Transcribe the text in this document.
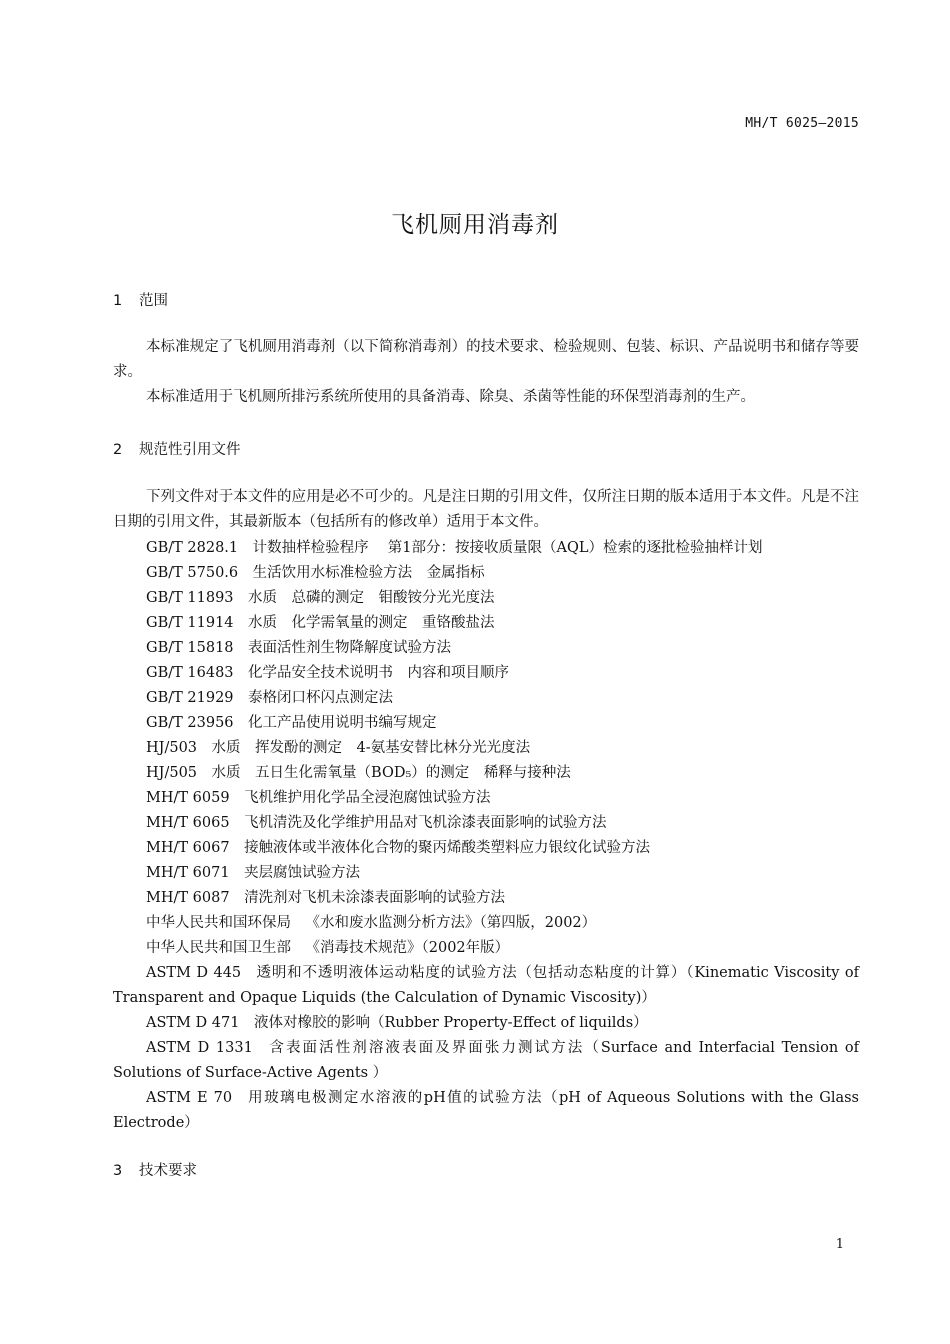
MH/T 6025—2015
飞机厕用消毒剂
1 范围
本标准规定了飞机厕用消毒剂（以下简称消毒剂）的技术要求、检验规则、包装、标识、产品说明书和储存等要求。
本标准适用于飞机厕所排污系统所使用的具备消毒、除臭、杀菌等性能的环保型消毒剂的生产。
2 规范性引用文件
下列文件对于本文件的应用是必不可少的。凡是注日期的引用文件，仅所注日期的版本适用于本文件。凡是不注日期的引用文件，其最新版本（包括所有的修改单）适用于本文件。
GB/T 2828.1  计数抽样检验程序　 第1部分：按接收质量限（AQL）检索的逐批检验抽样计划
GB/T 5750.6  生活饮用水标准检验方法　金属指标
GB/T 11893  水质　总磷的测定　钼酸铵分光光度法
GB/T 11914  水质　化学需氧量的测定　重铬酸盐法
GB/T 15818  表面活性剂生物降解度试验方法
GB/T 16483  化学品安全技术说明书　内容和项目顺序
GB/T 21929  泰格闭口杯闪点测定法
GB/T 23956  化工产品使用说明书编写规定
HJ/503  水质　挥发酚的测定　4-氨基安替比林分光光度法
HJ/505  水质　五日生化需氧量（BOD₅）的测定　稀释与接种法
MH/T 6059  飞机维护用化学品全浸泡腐蚀试验方法
MH/T 6065  飞机清洗及化学维护用品对飞机涂漆表面影响的试验方法
MH/T 6067  接触液体或半液体化合物的聚丙烯酸类塑料应力银纹化试验方法
MH/T 6071  夹层腐蚀试验方法
MH/T 6087  清洗剂对飞机未涂漆表面影响的试验方法
中华人民共和国环保局  《水和废水监测分析方法》（第四版，2002）
中华人民共和国卫生部  《消毒技术规范》（2002年版）
ASTM D 445  透明和不透明液体运动粘度的试验方法（包括动态粘度的计算）（Kinematic Viscosity of Transparent and Opaque Liquids (the Calculation of Dynamic Viscosity)）
ASTM D 471  液体对橡胶的影响（Rubber Property-Effect of liquilds）
ASTM D 1331  含表面活性剂溶液表面及界面张力测试方法（Surface and Interfacial Tension of Solutions of Surface-Active Agents ）
ASTM E 70  用玻璃电极测定水溶液的pH值的试验方法（pH of Aqueous Solutions with the Glass Electrode）
3 技术要求
1
